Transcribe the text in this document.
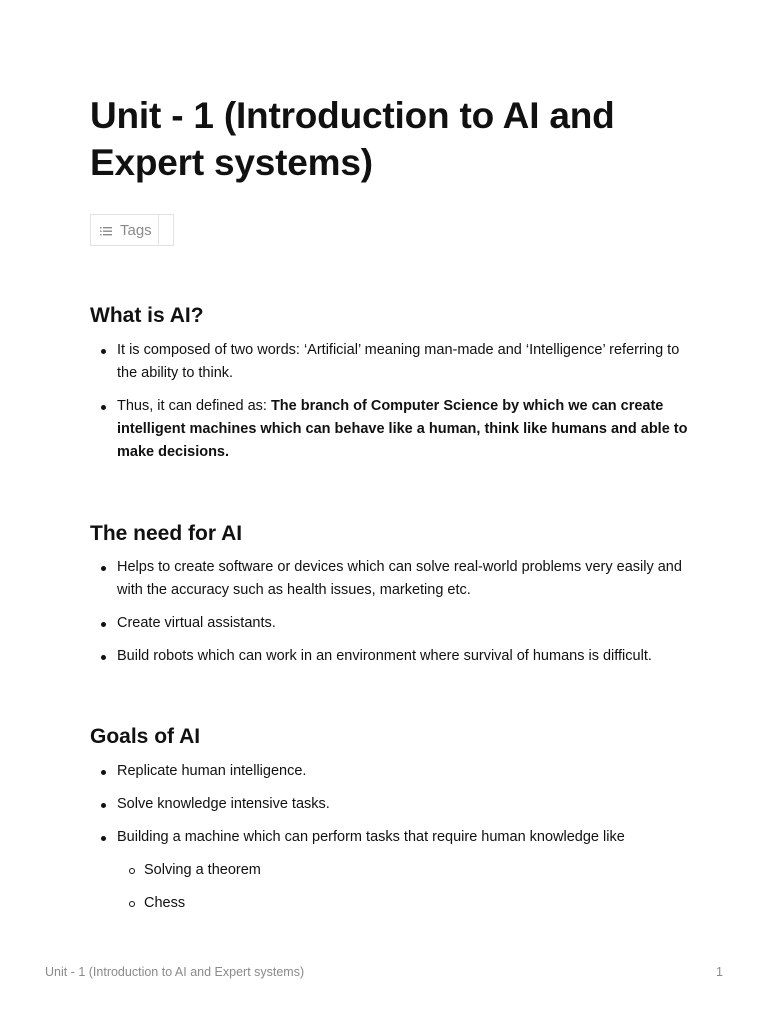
Unit - 1 (Introduction to AI and Expert systems)
Tags
What is AI?
It is composed of two words: ‘Artificial’ meaning man-made and ‘Intelligence’ referring to the ability to think.
Thus, it can defined as: The branch of Computer Science by which we can create intelligent machines which can behave like a human, think like humans and able to make decisions.
The need for AI
Helps to create software or devices which can solve real-world problems very easily and with the accuracy such as health issues, marketing etc.
Create virtual assistants.
Build robots which can work in an environment where survival of humans is difficult.
Goals of AI
Replicate human intelligence.
Solve knowledge intensive tasks.
Building a machine which can perform tasks that require human knowledge like
Solving a theorem
Chess
Unit - 1 (Introduction to AI and Expert systems)	1
